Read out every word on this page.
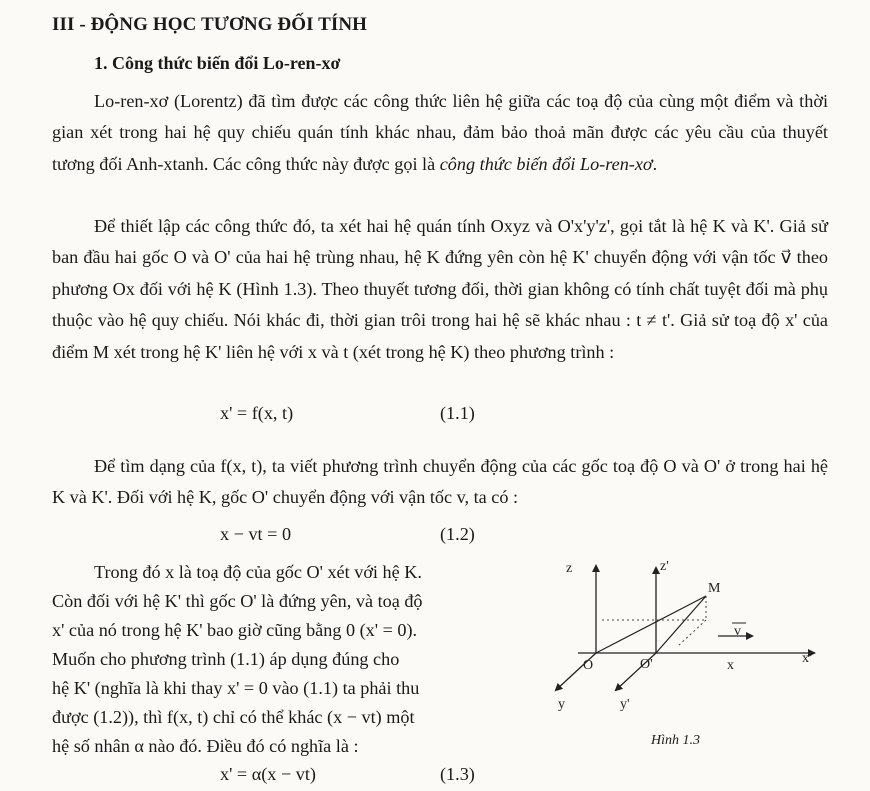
III - ĐỘNG HỌC TƯƠNG ĐỐI TÍNH
1. Công thức biến đổi Lo-ren-xơ

Lo-ren-xơ (Lorentz) đã tìm được các công thức liên hệ giữa các toạ độ của cùng một điểm và thời gian xét trong hai hệ quy chiếu quán tính khác nhau, đảm bảo thoả mãn được các yêu cầu của thuyết tương đối Anh-xtanh. Các công thức này được gọi là công thức biến đổi Lo-ren-xơ.

Để thiết lập các công thức đó, ta xét hai hệ quán tính Oxyz và O'x'y'z', gọi tắt là hệ K và K'. Giả sử ban đầu hai gốc O và O' của hai hệ trùng nhau, hệ K đứng yên còn hệ K' chuyển động với vận tốc v⃗ theo phương Ox đối với hệ K (Hình 1.3). Theo thuyết tương đối, thời gian không có tính chất tuyệt đối mà phụ thuộc vào hệ quy chiếu. Nói khác đi, thời gian trôi trong hai hệ sẽ khác nhau : t ≠ t'. Giả sử toạ độ x' của điểm M xét trong hệ K' liên hệ với x và t (xét trong hệ K) theo phương trình :

x' = f(x, t)	(1.1)

Để tìm dạng của f(x, t), ta viết phương trình chuyển động của các gốc toạ độ O và O' ở trong hai hệ K và K'. Đối với hệ K, gốc O' chuyển động với vận tốc v, ta có :

x − vt = 0	(1.2)
Trong đó x là toạ độ của gốc O' xét với hệ K.
Còn đối với hệ K' thì gốc O' là đứng yên, và toạ độ
x' của nó trong hệ K' bao giờ cũng bằng 0 (x' = 0).
Muốn cho phương trình (1.1) áp dụng đúng cho
hệ K' (nghĩa là khi thay x' = 0 vào (1.1) ta phải thu
được (1.2)), thì f(x, t) chỉ có thể khác (x − vt) một
hệ số nhân α nào đó. Điều đó có nghĩa là :
x' = α(x − vt)	(1.3)
z	z'
M
v
x'
O	O'	x
y	y'
Hình 1.3
